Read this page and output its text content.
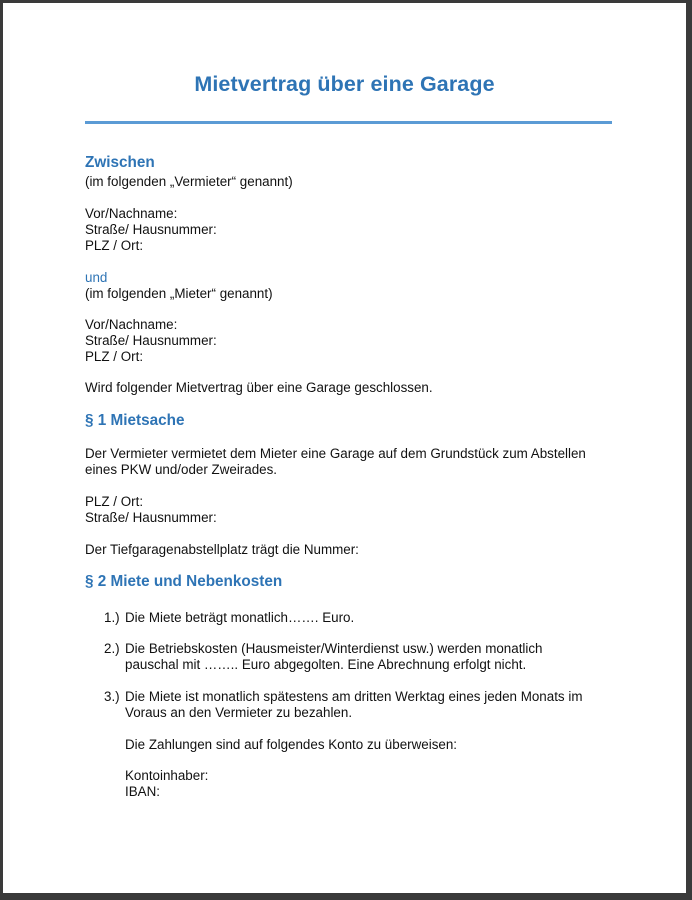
Mietvertrag über eine Garage
Zwischen
(im folgenden „Vermieter“ genannt)
Vor/Nachname:
Straße/ Hausnummer:
PLZ / Ort:
und
(im folgenden „Mieter“ genannt)
Vor/Nachname:
Straße/ Hausnummer:
PLZ / Ort:
Wird folgender Mietvertrag über eine Garage geschlossen.
§ 1 Mietsache
Der Vermieter vermietet dem Mieter eine Garage auf dem Grundstück zum Abstellen
eines PKW und/oder Zweirades.
PLZ / Ort:
Straße/ Hausnummer:
Der Tiefgaragenabstellplatz trägt die Nummer:
§ 2 Miete und Nebenkosten
1.) Die Miete beträgt monatlich……. Euro.
2.) Die Betriebskosten (Hausmeister/Winterdienst usw.) werden monatlich
pauschal mit …….. Euro abgegolten. Eine Abrechnung erfolgt nicht.
3.) Die Miete ist monatlich spätestens am dritten Werktag eines jeden Monats im
Voraus an den Vermieter zu bezahlen.
Die Zahlungen sind auf folgendes Konto zu überweisen:
Kontoinhaber:
IBAN:
